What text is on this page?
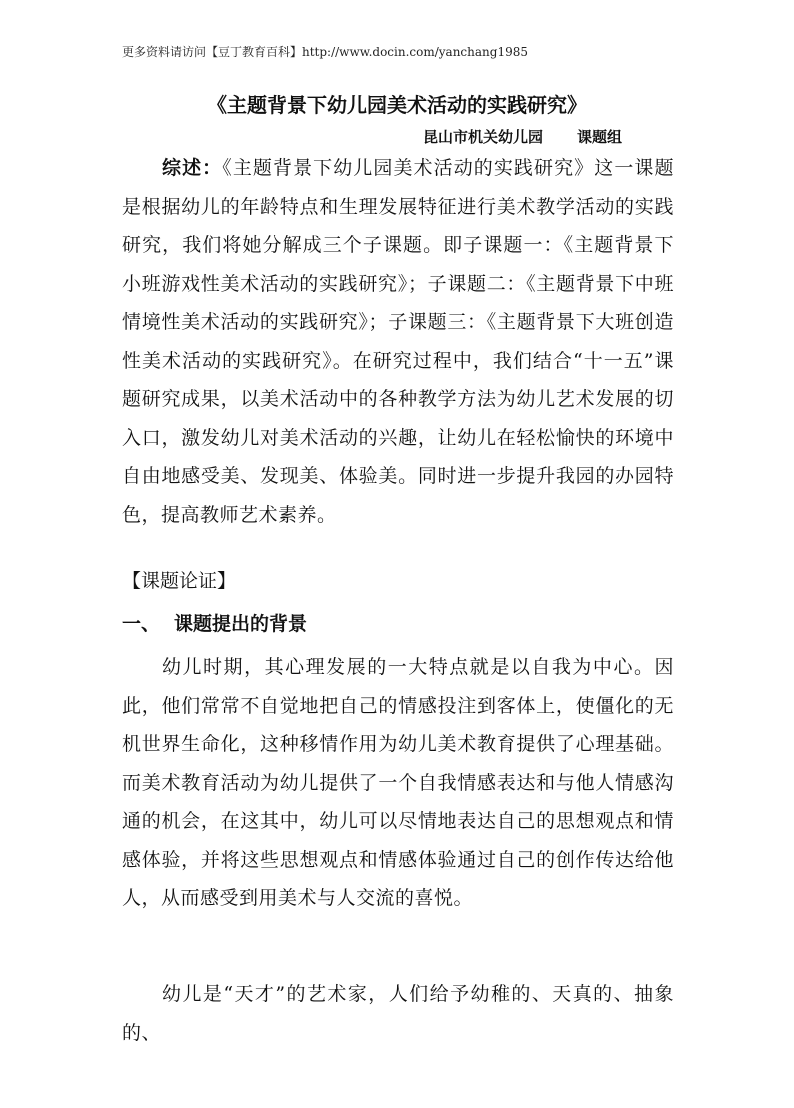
更多资料请访问【豆丁教育百科】http://www.docin.com/yanchang1985
《主题背景下幼儿园美术活动的实践研究》
昆山市机关幼儿园 课题组
综述：《主题背景下幼儿园美术活动的实践研究》这一课题是根据幼儿的年龄特点和生理发展特征进行美术教学活动的实践研究，我们将她分解成三个子课题。即子课题一：《主题背景下小班游戏性美术活动的实践研究》；子课题二：《主题背景下中班情境性美术活动的实践研究》；子课题三：《主题背景下大班创造性美术活动的实践研究》。在研究过程中，我们结合“十一五”课题研究成果，以美术活动中的各种教学方法为幼儿艺术发展的切入口，激发幼儿对美术活动的兴趣，让幼儿在轻松愉快的环境中自由地感受美、发现美、体验美。同时进一步提升我园的办园特色，提高教师艺术素养。
【课题论证】
一、 课题提出的背景
幼儿时期，其心理发展的一大特点就是以自我为中心。因此，他们常常不自觉地把自己的情感投注到客体上，使僵化的无机世界生命化，这种移情作用为幼儿美术教育提供了心理基础。而美术教育活动为幼儿提供了一个自我情感表达和与他人情感沟通的机会，在这其中，幼儿可以尽情地表达自己的思想观点和情感体验，并将这些思想观点和情感体验通过自己的创作传达给他人，从而感受到用美术与人交流的喜悦。
幼儿是“天才”的艺术家，人们给予幼稚的、天真的、抽象的、
